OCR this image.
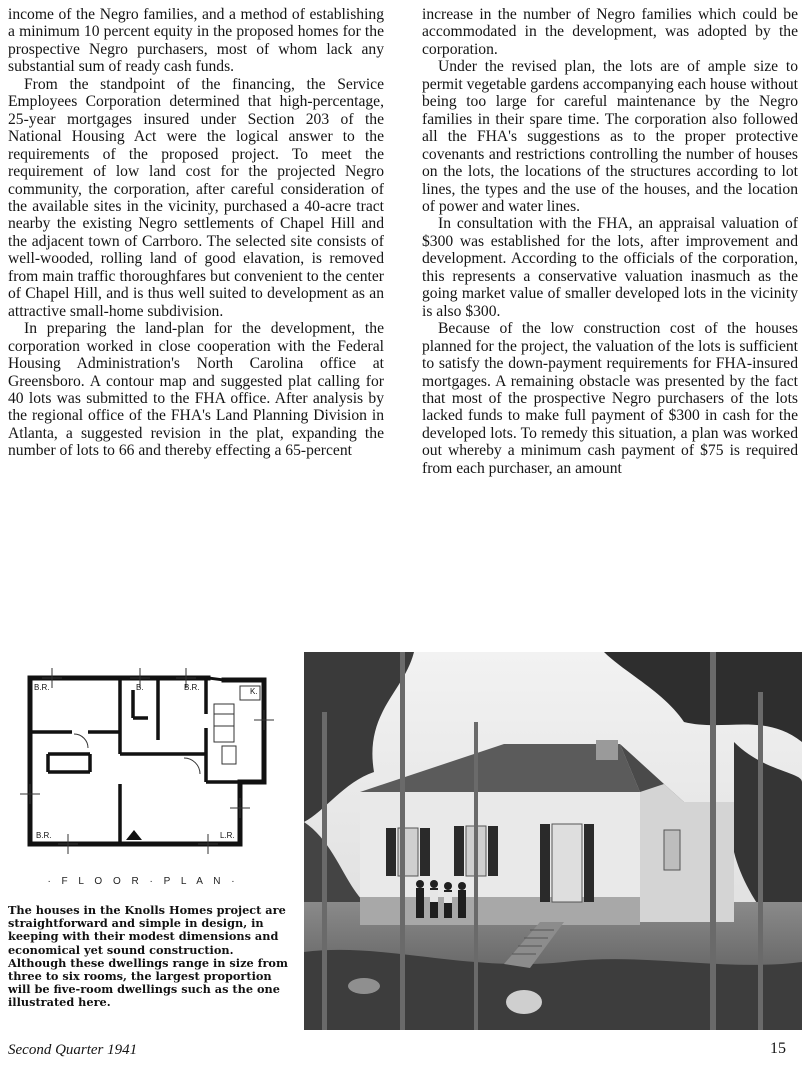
income of the Negro families, and a method of establishing a minimum 10 percent equity in the proposed homes for the prospective Negro purchasers, most of whom lack any substantial sum of ready cash funds.

From the standpoint of the financing, the Service Employees Corporation determined that high-percentage, 25-year mortgages insured under Section 203 of the National Housing Act were the logical answer to the requirements of the proposed project. To meet the requirement of low land cost for the projected Negro community, the corporation, after careful consideration of the available sites in the vicinity, purchased a 40-acre tract nearby the existing Negro settlements of Chapel Hill and the adjacent town of Carrboro. The selected site consists of well-wooded, rolling land of good elavation, is removed from main traffic thoroughfares but convenient to the center of Chapel Hill, and is thus well suited to development as an attractive small-home subdivision.

In preparing the land-plan for the development, the corporation worked in close cooperation with the Federal Housing Administration's North Carolina office at Greensboro. A contour map and suggested plat calling for 40 lots was submitted to the FHA office. After analysis by the regional office of the FHA's Land Planning Division in Atlanta, a suggested revision in the plat, expanding the number of lots to 66 and thereby effecting a 65-percent

increase in the number of Negro families which could be accommodated in the development, was adopted by the corporation.

Under the revised plan, the lots are of ample size to permit vegetable gardens accompanying each house without being too large for careful maintenance by the Negro families in their spare time. The corporation also followed all the FHA's suggestions as to the proper protective covenants and restrictions controlling the number of houses on the lots, the locations of the structures according to lot lines, the types and the use of the houses, and the location of power and water lines.

In consultation with the FHA, an appraisal valuation of $300 was established for the lots, after improvement and development. According to the officials of the corporation, this represents a conservative valuation inasmuch as the going market value of smaller developed lots in the vicinity is also $300.

Because of the low construction cost of the houses planned for the project, the valuation of the lots is sufficient to satisfy the down-payment requirements for FHA-insured mortgages. A remaining obstacle was presented by the fact that most of the prospective Negro purchasers of the lots lacked funds to make full payment of $300 in cash for the developed lots. To remedy this situation, a plan was worked out whereby a minimum cash payment of $75 is required from each purchaser, an amount

B.R.	B.	B.R.	K.
B.R.	L.R.
· F L O O R · P L A N ·
The houses in the Knolls Homes project are straightforward and simple in design, in keeping with their modest dimensions and economical yet sound construction. Although these dwellings range in size from three to six rooms, the largest proportion will be five-room dwellings such as the one illustrated here.
Second Quarter 1941	15
